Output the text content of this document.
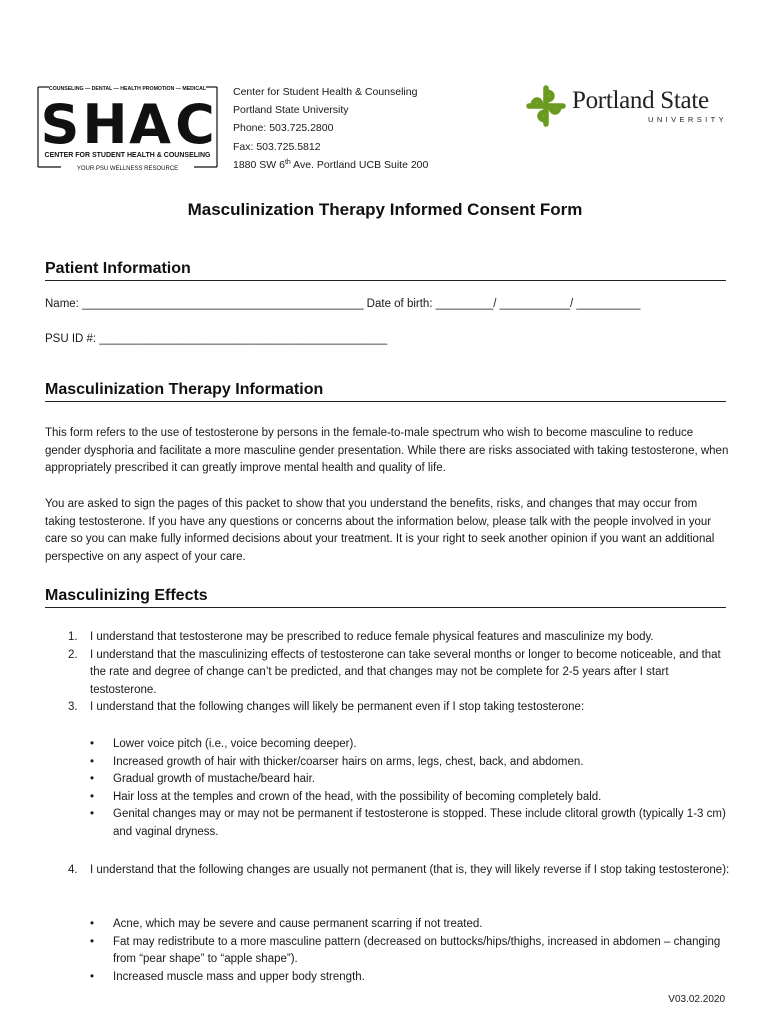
COUNSELING — DENTAL — HEALTH PROMOTION — MEDICAL
S H A C
CENTER FOR STUDENT HEALTH & COUNSELING
YOUR PSU WELLNESS RESOURCE
Center for Student Health & Counseling
Portland State University
Phone: 503.725.2800
Fax: 503.725.5812
1880 SW 6th Ave. Portland UCB Suite 200
Portland State
UNIVERSITY
Masculinization Therapy Informed Consent Form
Patient Information
Name: ____________________________________________ Date of birth: _________/ ___________/ __________
PSU ID #: _____________________________________________
Masculinization Therapy Information
This form refers to the use of testosterone by persons in the female-to-male spectrum who wish to become masculine to reduce gender dysphoria and facilitate a more masculine gender presentation. While there are risks associated with taking testosterone, when appropriately prescribed it can greatly improve mental health and quality of life.
You are asked to sign the pages of this packet to show that you understand the benefits, risks, and changes that may occur from taking testosterone. If you have any questions or concerns about the information below, please talk with the people involved in your care so you can make fully informed decisions about your treatment. It is your right to seek another opinion if you want an additional perspective on any aspect of your care.
Masculinizing Effects
1. I understand that testosterone may be prescribed to reduce female physical features and masculinize my body.
2. I understand that the masculinizing effects of testosterone can take several months or longer to become noticeable, and that the rate and degree of change can’t be predicted, and that changes may not be complete for 2-5 years after I start testosterone.
3. I understand that the following changes will likely be permanent even if I stop taking testosterone:
• Lower voice pitch (i.e., voice becoming deeper).
• Increased growth of hair with thicker/coarser hairs on arms, legs, chest, back, and abdomen.
• Gradual growth of mustache/beard hair.
• Hair loss at the temples and crown of the head, with the possibility of becoming completely bald.
• Genital changes may or may not be permanent if testosterone is stopped. These include clitoral growth (typically 1-3 cm) and vaginal dryness.
4. I understand that the following changes are usually not permanent (that is, they will likely reverse if I stop taking testosterone):
• Acne, which may be severe and cause permanent scarring if not treated.
• Fat may redistribute to a more masculine pattern (decreased on buttocks/hips/thighs, increased in abdomen – changing from “pear shape” to “apple shape”).
• Increased muscle mass and upper body strength.
V03.02.2020
